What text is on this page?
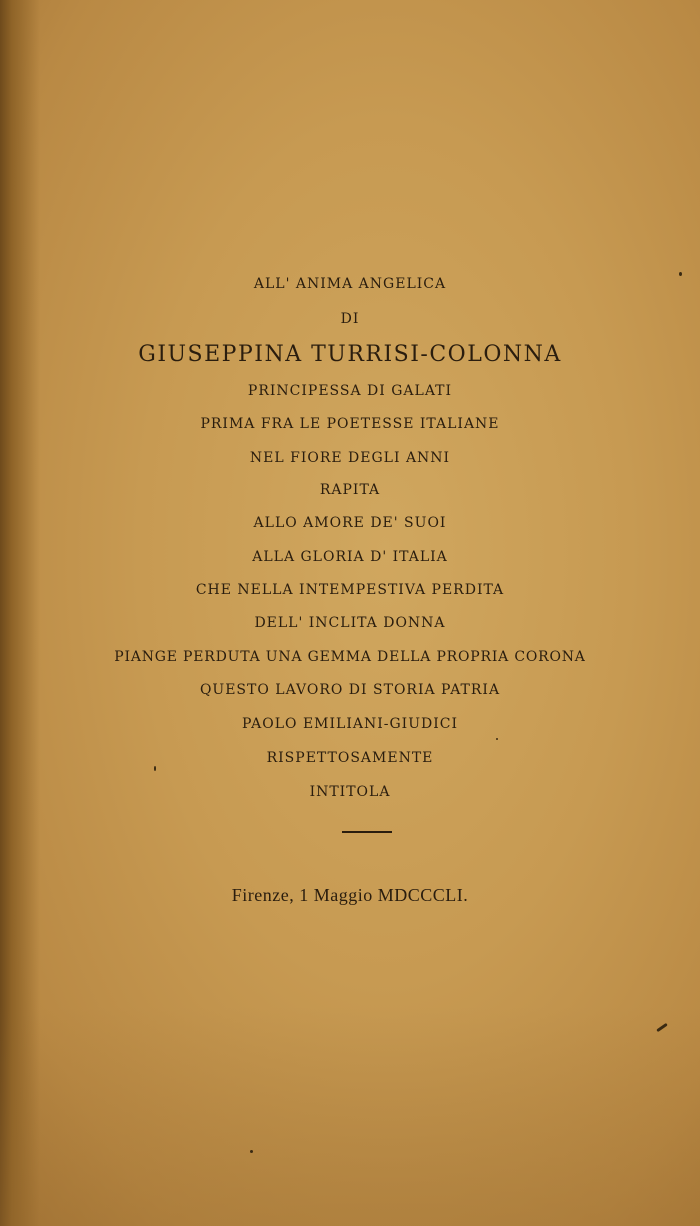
ALL' ANIMA ANGELICA
DI
GIUSEPPINA TURRISI-COLONNA
PRINCIPESSA DI GALATI
PRIMA FRA LE POETESSE ITALIANE
NEL FIORE DEGLI ANNI
RAPITA
ALLO AMORE DE' SUOI
ALLA GLORIA D' ITALIA
CHE NELLA INTEMPESTIVA PERDITA
DELL' INCLITA DONNA
PIANGE PERDUTA UNA GEMMA DELLA PROPRIA CORONA
QUESTO LAVORO DI STORIA PATRIA
PAOLO EMILIANI-GIUDICI
RISPETTOSAMENTE
INTITOLA
Firenze, 1 Maggio MDCCCLI.
